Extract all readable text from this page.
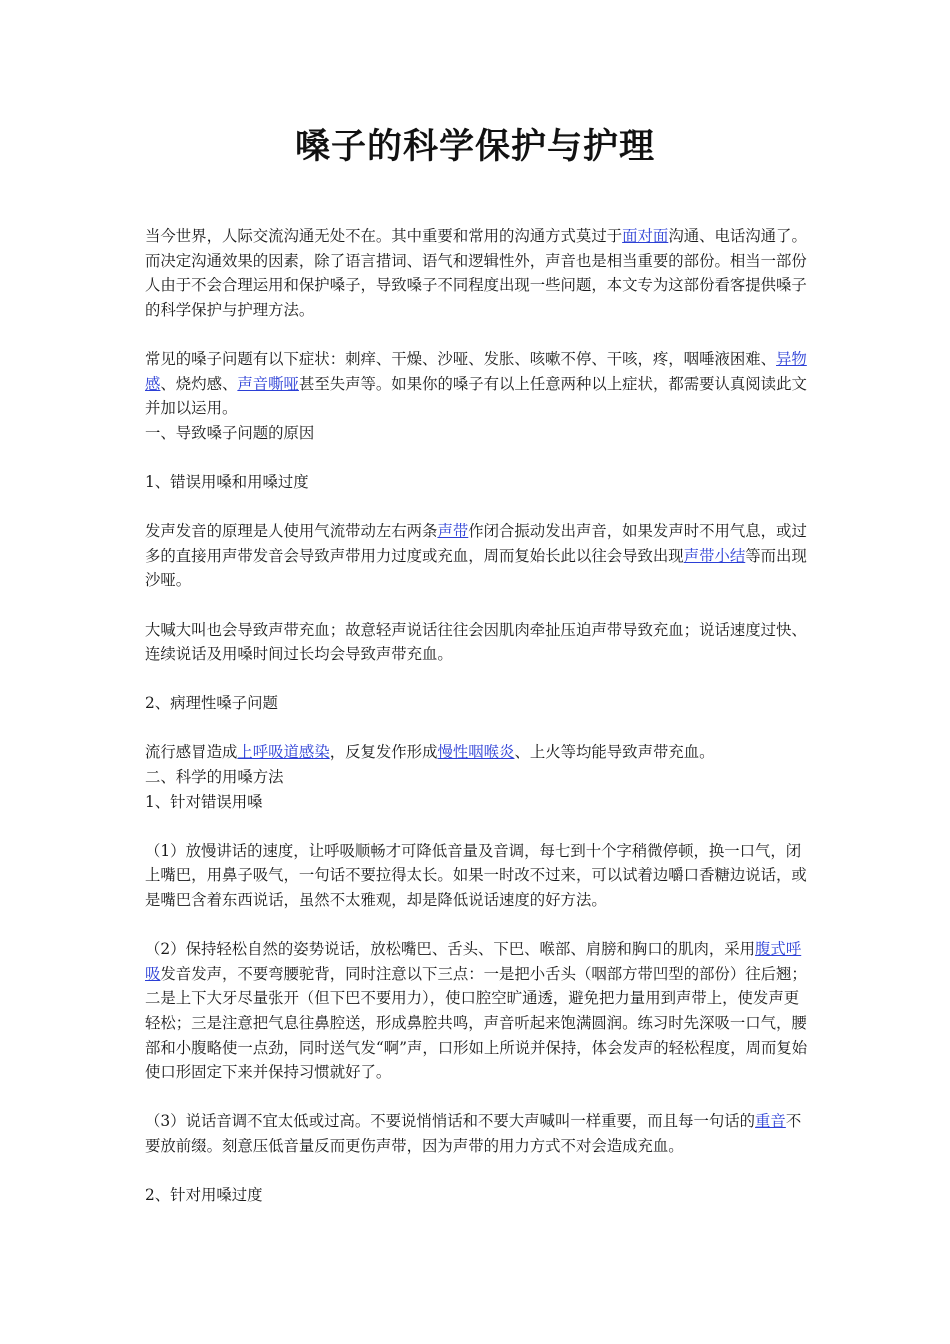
嗓子的科学保护与护理

当今世界，人际交流沟通无处不在。其中重要和常用的沟通方式莫过于面对面沟通、电话沟通了。而决定沟通效果的因素，除了语言措词、语气和逻辑性外，声音也是相当重要的部份。相当一部份人由于不会合理运用和保护嗓子，导致嗓子不同程度出现一些问题，本文专为这部份看客提供嗓子的科学保护与护理方法。

常见的嗓子问题有以下症状：刺痒、干燥、沙哑、发胀、咳嗽不停、干咳，疼，咽唾液困难、异物感、烧灼感、声音嘶哑甚至失声等。如果你的嗓子有以上任意两种以上症状，都需要认真阅读此文并加以运用。

一、导致嗓子问题的原因

1、错误用嗓和用嗓过度

发声发音的原理是人使用气流带动左右两条声带作闭合振动发出声音，如果发声时不用气息，或过多的直接用声带发音会导致声带用力过度或充血，周而复始长此以往会导致出现声带小结等而出现沙哑。

大喊大叫也会导致声带充血；故意轻声说话往往会因肌肉牵扯压迫声带导致充血；说话速度过快、连续说话及用嗓时间过长均会导致声带充血。

2、病理性嗓子问题

流行感冒造成上呼吸道感染，反复发作形成慢性咽喉炎、上火等均能导致声带充血。

二、科学的用嗓方法

1、针对错误用嗓

（1）放慢讲话的速度，让呼吸顺畅才可降低音量及音调，每七到十个字稍微停顿，换一口气，闭上嘴巴，用鼻子吸气，一句话不要拉得太长。如果一时改不过来，可以试着边嚼口香糖边说话，或是嘴巴含着东西说话，虽然不太雅观，却是降低说话速度的好方法。

（2）保持轻松自然的姿势说话，放松嘴巴、舌头、下巴、喉部、肩膀和胸口的肌肉，采用腹式呼吸发音发声，不要弯腰驼背，同时注意以下三点：一是把小舌头（咽部方带凹型的部份）往后翘；二是上下大牙尽量张开（但下巴不要用力），使口腔空旷通透，避免把力量用到声带上，使发声更轻松；三是注意把气息往鼻腔送，形成鼻腔共鸣，声音听起来饱满圆润。练习时先深吸一口气，腰部和小腹略使一点劲，同时送气发“啊”声，口形如上所说并保持，体会发声的轻松程度，周而复始使口形固定下来并保持习惯就好了。

（3）说话音调不宜太低或过高。不要说悄悄话和不要大声喊叫一样重要，而且每一句话的重音不要放前缀。刻意压低音量反而更伤声带，因为声带的用力方式不对会造成充血。

2、针对用嗓过度
